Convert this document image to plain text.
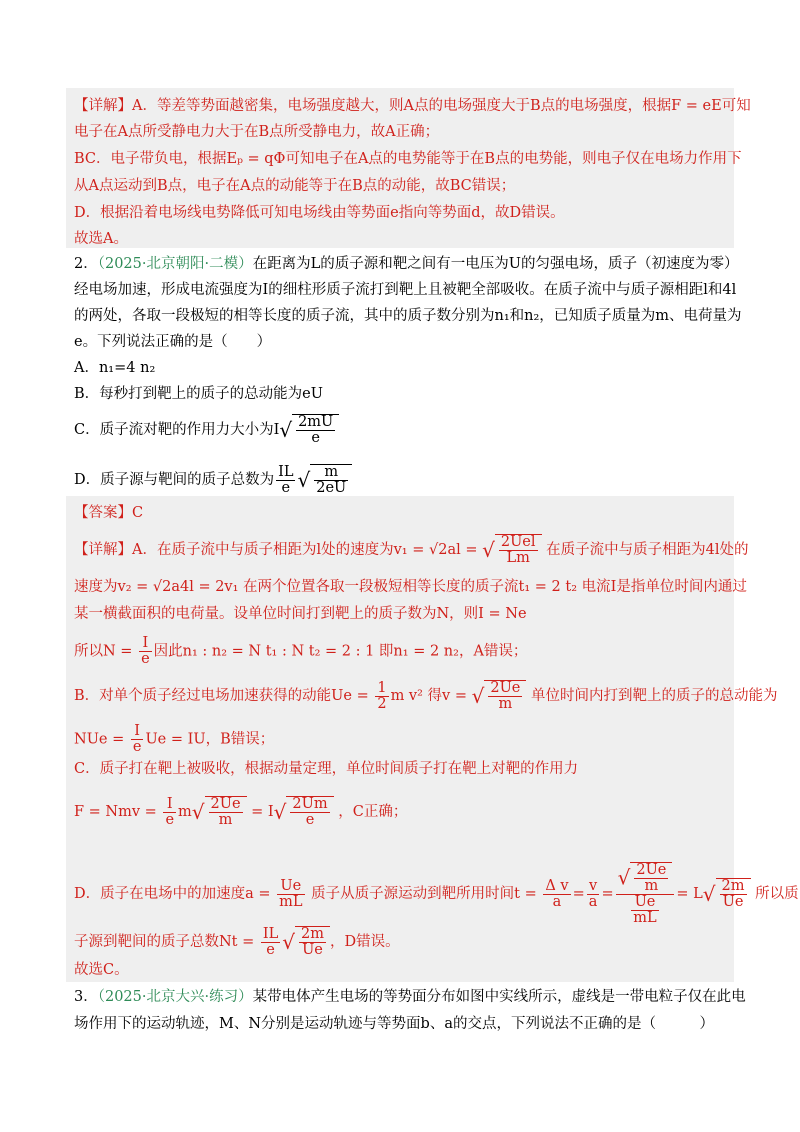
【详解】A．等差等势面越密集，电场强度越大，则A点的电场强度大于B点的电场强度，根据F = eE可知
电子在A点所受静电力大于在B点所受静电力，故A正确；
BC．电子带负电，根据Eₚ = qΦ可知电子在A点的电势能等于在B点的电势能，则电子仅在电场力作用下
从A点运动到B点，电子在A点的动能等于在B点的动能，故BC错误；
D．根据沿着电场线电势降低可知电场线由等势面e指向等势面d，故D错误。
故选A。
2．（2025·北京朝阳·二模）在距离为L的质子源和靶之间有一电压为U的匀强电场，质子（初速度为零）
经电场加速，形成电流强度为I的细柱形质子流打到靶上且被靶全部吸收。在质子流中与质子源相距l和4l
的两处，各取一段极短的相等长度的质子流，其中的质子数分别为n₁和n₂，已知质子质量为m、电荷量为
e。下列说法正确的是（　　）
A．n₁=4 n₂
B．每秒打到靶上的质子的总动能为eU
C．质子流对靶的作用力大小为$I√ \frac{2mU}{e}$
D．质子源与靶间的质子总数为 $\frac{IL}{e}$ √ $\frac{m}{2eU}$
【答案】C
【详解】A．在质子流中与质子相距为l处的速度为v₁ = √2al = √ $\frac{\text{2Uel}}{Lm}$ 在质子流中与质子相距为4l处的
速度为v₂ = √2a4l = 2v₁ 在两个位置各取一段极短相等长度的质子流t₁ = 2 t₂ 电流I是指单位时间内通过
某一横截面积的电荷量。设单位时间打到靶上的质子数为N，则I = Ne
所以$N = \frac{I}{e}$ 因此n₁ : n₂ = N t₁ : N t₂ = 2 : 1 即n₁ = 2 n₂，A错误；
B．对单个质子经过电场加速获得的动能$Ue = \frac{1}{2}$ m v² 得v = √ $\frac{2Ue}{m}$ 单位时间内打到靶上的质子的总动能为
NUe = $\frac{I}{e}$ Ue = IU，B错误；
C．质子打在靶上被吸收，根据动量定理，单位时间质子打在靶上对靶的作用力
F = Nmv = $\frac{I}{e} m√ \frac{2Ue}{m} = I√ \frac{2Um}{e}$ ，C正确；
D．质子在电场中的加速度$a = \frac{Ue}{mL}$ 质子从质子源运动到靶所用时间$t = \frac{\text{Δ v}}{a} = \frac{v}{a} = \frac{√ \frac{2Ue}{m}}{\frac{Ue}{mL}} = L√ \frac{2m}{Ue}$ 所以质
子源到靶间的质子总数$Nt = \frac{IL}{e}$ √ $\frac{2m}{Ue}$ ，D错误。
故选C。
3．（2025·北京大兴·练习）某带电体产生电场的等势面分布如图中实线所示，虚线是一带电粒子仅在此电
场作用下的运动轨迹，M、N分别是运动轨迹与等势面b、a的交点，下列说法不正确的是（　　　）
